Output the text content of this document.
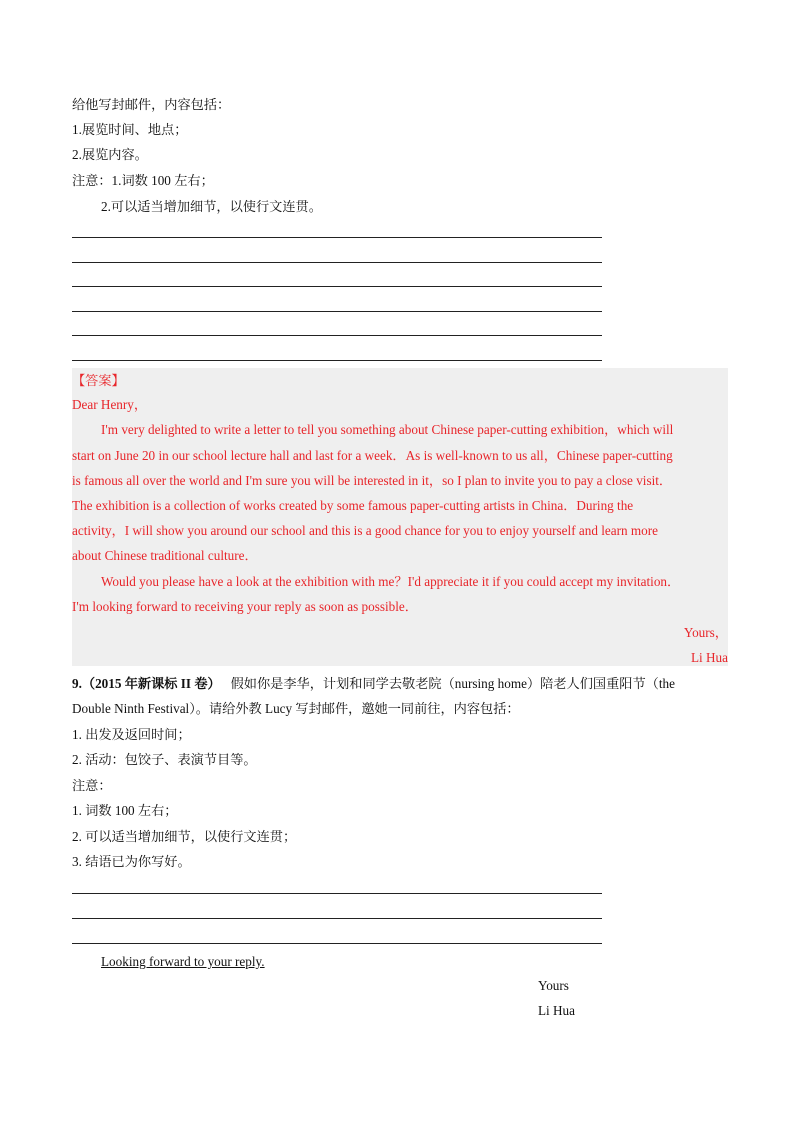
给他写封邮件，内容包括：
1.展览时间、地点；
2.展览内容。
注意：1.词数 100 左右；
2.可以适当增加细节，以使行文连贯。
【答案】
Dear Henry，
I'm very delighted to write a letter to tell you something about Chinese paper-cutting exhibition，which will
start on June 20 in our school lecture hall and last for a week．As is well-known to us all，Chinese paper-cutting
is famous all over the world and I'm sure you will be interested in it，so I plan to invite you to pay a close visit．
The exhibition is a collection of works created by some famous paper-cutting artists in China．During the
activity，I will show you around our school and this is a good chance for you to enjoy yourself and learn more
about Chinese traditional culture．
Would you please have a look at the exhibition with me？I'd appreciate it if you could accept my invitation．
I'm looking forward to receiving your reply as soon as possible．
Yours，
Li Hua
9.（2015 年新课标 II 卷） 假如你是李华，计划和同学去敬老院（nursing home）陪老人们国重阳节（the
Double Ninth Festival）。请给外教 Lucy 写封邮件，邀她一同前往，内容包括：
1. 出发及返回时间；
2. 活动：包饺子、表演节目等。
注意：
1. 词数 100 左右；
2. 可以适当增加细节，以使行文连贯；
3. 结语已为你写好。
Looking forward to your reply.
Yours
Li Hua
